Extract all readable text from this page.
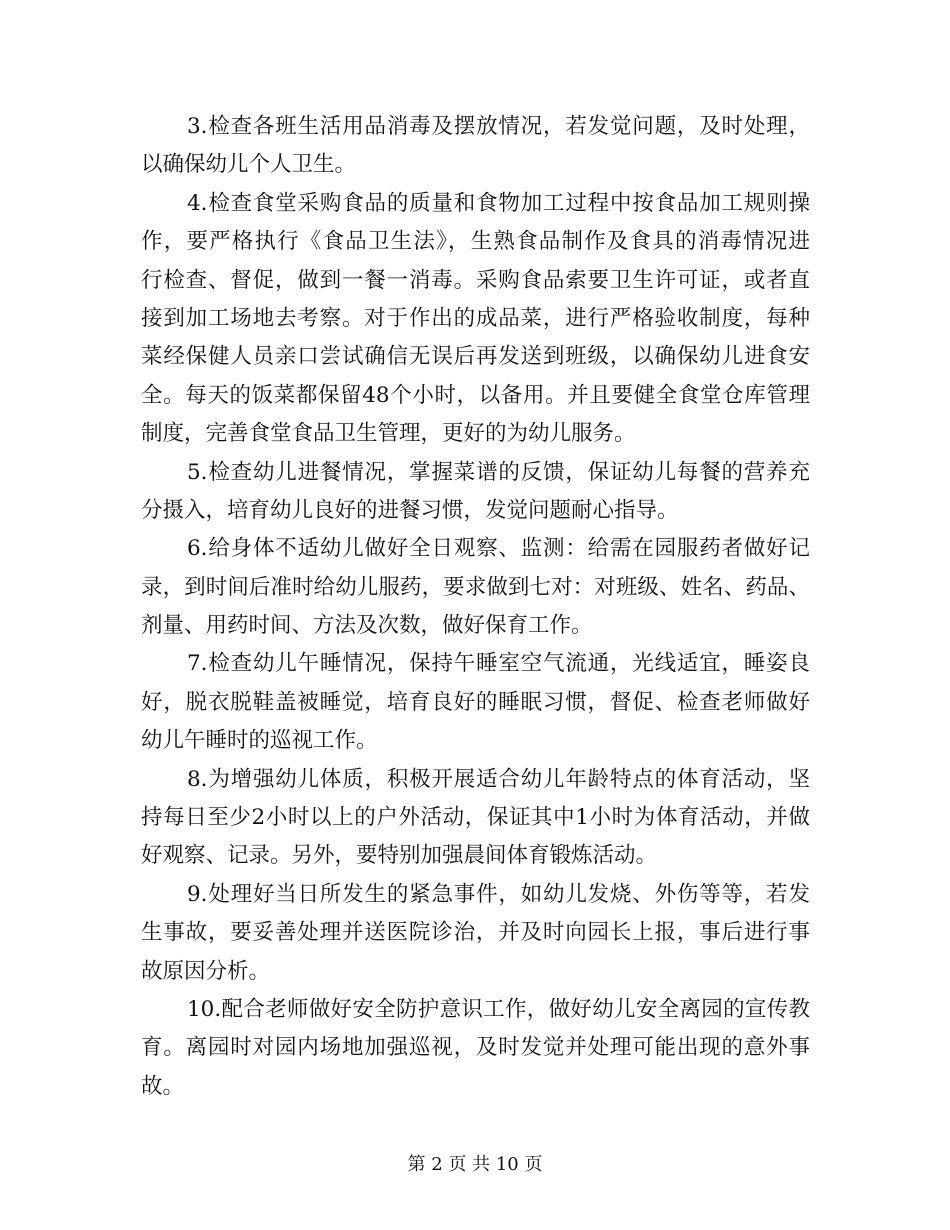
3.检查各班生活用品消毒及摆放情况，若发觉问题，及时处理，
以确保幼儿个人卫生。
4.检查食堂采购食品的质量和食物加工过程中按食品加工规则操
作，要严格执行《食品卫生法》，生熟食品制作及食具的消毒情况进
行检查、督促，做到一餐一消毒。采购食品索要卫生许可证，或者直
接到加工场地去考察。对于作出的成品菜，进行严格验收制度，每种
菜经保健人员亲口尝试确信无误后再发送到班级，以确保幼儿进食安
全。每天的饭菜都保留48个小时，以备用。并且要健全食堂仓库管理
制度，完善食堂食品卫生管理，更好的为幼儿服务。
5.检查幼儿进餐情况，掌握菜谱的反馈，保证幼儿每餐的营养充
分摄入，培育幼儿良好的进餐习惯，发觉问题耐心指导。
6.给身体不适幼儿做好全日观察、监测：给需在园服药者做好记
录，到时间后准时给幼儿服药，要求做到七对：对班级、姓名、药品、
剂量、用药时间、方法及次数，做好保育工作。
7.检查幼儿午睡情况，保持午睡室空气流通，光线适宜，睡姿良
好，脱衣脱鞋盖被睡觉，培育良好的睡眠习惯，督促、检查老师做好
幼儿午睡时的巡视工作。
8.为增强幼儿体质，积极开展适合幼儿年龄特点的体育活动，坚
持每日至少2小时以上的户外活动，保证其中1小时为体育活动，并做
好观察、记录。另外，要特别加强晨间体育锻炼活动。
9.处理好当日所发生的紧急事件，如幼儿发烧、外伤等等，若发
生事故，要妥善处理并送医院诊治，并及时向园长上报，事后进行事
故原因分析。
10.配合老师做好安全防护意识工作，做好幼儿安全离园的宣传教
育。离园时对园内场地加强巡视，及时发觉并处理可能出现的意外事
故。
第 2 页 共 10 页
